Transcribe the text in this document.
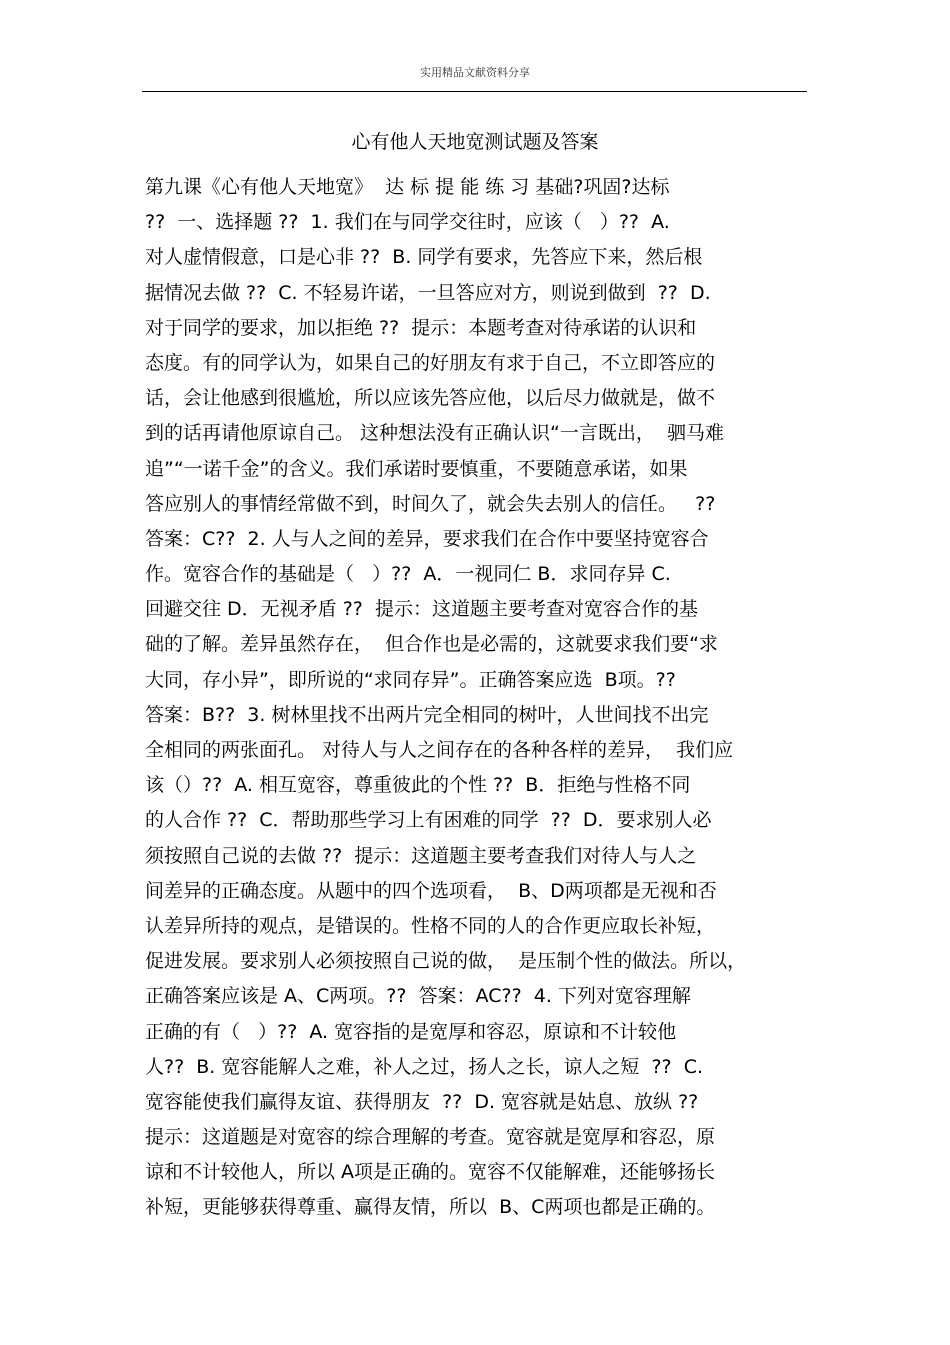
实用精品文献资料分享
心有他人天地宽测试题及答案
第九课《心有他人天地宽》  达 标 提 能 练 习 基础?巩固?达标
??  一、选择题 ??  1. 我们在与同学交往时，应该（   ）??  A.
对人虚情假意，口是心非 ??  B. 同学有要求，先答应下来，然后根
据情况去做 ??  C. 不轻易许诺，一旦答应对方，则说到做到  ??  D.
对于同学的要求，加以拒绝 ??  提示：本题考查对待承诺的认识和
态度。有的同学认为，如果自己的好朋友有求于自己，不立即答应的
话，会让他感到很尴尬，所以应该先答应他，以后尽力做就是，做不
到的话再请他原谅自己。 这种想法没有正确认识“一言既出，  驷马难
追”“一诺千金”的含义。我们承诺时要慎重，不要随意承诺，如果
答应别人的事情经常做不到，时间久了，就会失去别人的信任。   ??
答案：C??  2. 人与人之间的差异，要求我们在合作中要坚持宽容合
作。宽容合作的基础是（   ）??  A．一视同仁 B．求同存异 C.
回避交往 D．无视矛盾 ??  提示：这道题主要考查对宽容合作的基
础的了解。差异虽然存在，  但合作也是必需的，这就要求我们要“求
大同，存小异”，即所说的“求同存异”。正确答案应选  B项。??
答案：B??  3. 树林里找不出两片完全相同的树叶，人世间找不出完
全相同的两张面孔。 对待人与人之间存在的各种各样的差异，  我们应
该（）??  A. 相互宽容，尊重彼此的个性 ??  B．拒绝与性格不同
的人合作 ??  C．帮助那些学习上有困难的同学  ??  D．要求别人必
须按照自己说的去做 ??  提示：这道题主要考查我们对待人与人之
间差异的正确态度。从题中的四个选项看，  B、D两项都是无视和否
认差异所持的观点，是错误的。性格不同的人的合作更应取长补短，
促进发展。要求别人必须按照自己说的做，  是压制个性的做法。所以，
正确答案应该是 A、C两项。??  答案：AC??  4. 下列对宽容理解
正确的有（   ）??  A. 宽容指的是宽厚和容忍，原谅和不计较他
人??  B. 宽容能解人之难，补人之过，扬人之长，谅人之短  ??  C.
宽容能使我们赢得友谊、获得朋友  ??  D. 宽容就是姑息、放纵 ??
提示：这道题是对宽容的综合理解的考查。宽容就是宽厚和容忍，原
谅和不计较他人，所以 A项是正确的。宽容不仅能解难，还能够扬长
补短，更能够获得尊重、赢得友情，所以  B、C两项也都是正确的。
